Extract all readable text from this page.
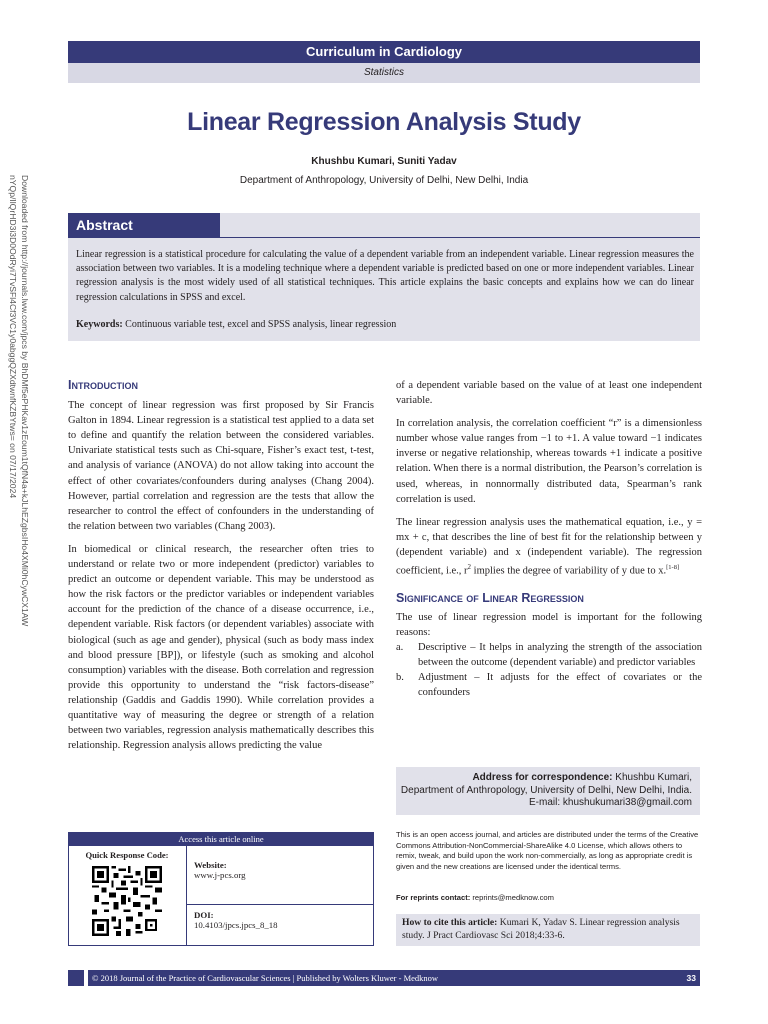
Curriculum in Cardiology
Statistics
Linear Regression Analysis Study
Khushbu Kumari, Suniti Yadav
Department of Anthropology, University of Delhi, New Delhi, India
Downloaded from http://journals.lww.com/jpcs by BhDMf5ePHKav1zEoum1tQfN4a+kJLhEZgbsIHo4XMi0hCywCX1AW
nYQp/IlQrHD3i3D0OdRyi7TvSFl4Cf3VC1y0abggQZXdtwnfKZBYtws= on 07/17/2024	Abstract
Linear regression is a statistical procedure for calculating the value of a dependent variable from an independent variable. Linear regression measures the association between two variables. It is a modeling technique where a dependent variable is predicted based on one or more independent variables. Linear regression analysis is the most widely used of all statistical techniques. This article explains the basic concepts and explains how we can do linear regression calculations in SPSS and excel.
Keywords: Continuous variable test, excel and SPSS analysis, linear regression
Introduction

The concept of linear regression was first proposed by Sir Francis Galton in 1894. Linear regression is a statistical test applied to a data set to define and quantify the relation between the considered variables. Univariate statistical tests such as Chi-square, Fisher’s exact test, t-test, and analysis of variance (ANOVA) do not allow taking into account the effect of other covariates/confounders during analyses (Chang 2004). However, partial correlation and regression are the tests that allow the researcher to control the effect of confounders in the understanding of the relation between two variables (Chang 2003).

In biomedical or clinical research, the researcher often tries to understand or relate two or more independent (predictor) variables to predict an outcome or dependent variable. This may be understood as how the risk factors or the predictor variables or independent variables account for the prediction of the chance of a disease occurrence, i.e., dependent variable. Risk factors (or dependent variables) associate with biological (such as age and gender), physical (such as body mass index and blood pressure [BP]), or lifestyle (such as smoking and alcohol consumption) variables with the disease. Both correlation and regression provide this opportunity to understand the “risk factors-disease” relationship (Gaddis and Gaddis 1990). While correlation provides a quantitative way of measuring the degree or strength of a relation between two variables, regression analysis mathematically describes this relationship. Regression analysis allows predicting the value

of a dependent variable based on the value of at least one independent variable.

In correlation analysis, the correlation coefficient “r” is a dimensionless number whose value ranges from −1 to +1. A value toward −1 indicates inverse or negative relationship, whereas towards +1 indicate a positive relation. When there is a normal distribution, the Pearson’s correlation is used, whereas, in nonnormally distributed data, Spearman’s rank correlation is used.

The linear regression analysis uses the mathematical equation, i.e., y = mx + c, that describes the line of best fit for the relationship between y (dependent variable) and x (independent variable). The regression coefficient, i.e., $r^2$ implies the degree of variability of y due to x.[1-8]

Significance of Linear Regression

The use of linear regression model is important for the following reasons:

a. Descriptive – It helps in analyzing the strength of the association between the outcome (dependent variable) and predictor variables
b. Adjustment – It adjusts for the effect of covariates or the confounders
Address for correspondence: Khushbu Kumari,
Department of Anthropology, University of Delhi, New Delhi, India.
E-mail: khushukumari38@gmail.com
This is an open access journal, and articles are distributed under the terms of the Creative Commons Attribution-NonCommercial-ShareAlike 4.0 License, which allows others to remix, tweak, and build upon the work non-commercially, as long as appropriate credit is given and the new creations are licensed under the identical terms.
For reprints contact: reprints@medknow.com
How to cite this article: Kumari K, Yadav S. Linear regression analysis study. J Pract Cardiovasc Sci 2018;4:33-6.
Access this article online
Quick Response Code:
Website:
www.j-pcs.org
DOI:
10.4103/jpcs.jpcs_8_18
© 2018 Journal of the Practice of Cardiovascular Sciences | Published by Wolters Kluwer - Medknow	33
